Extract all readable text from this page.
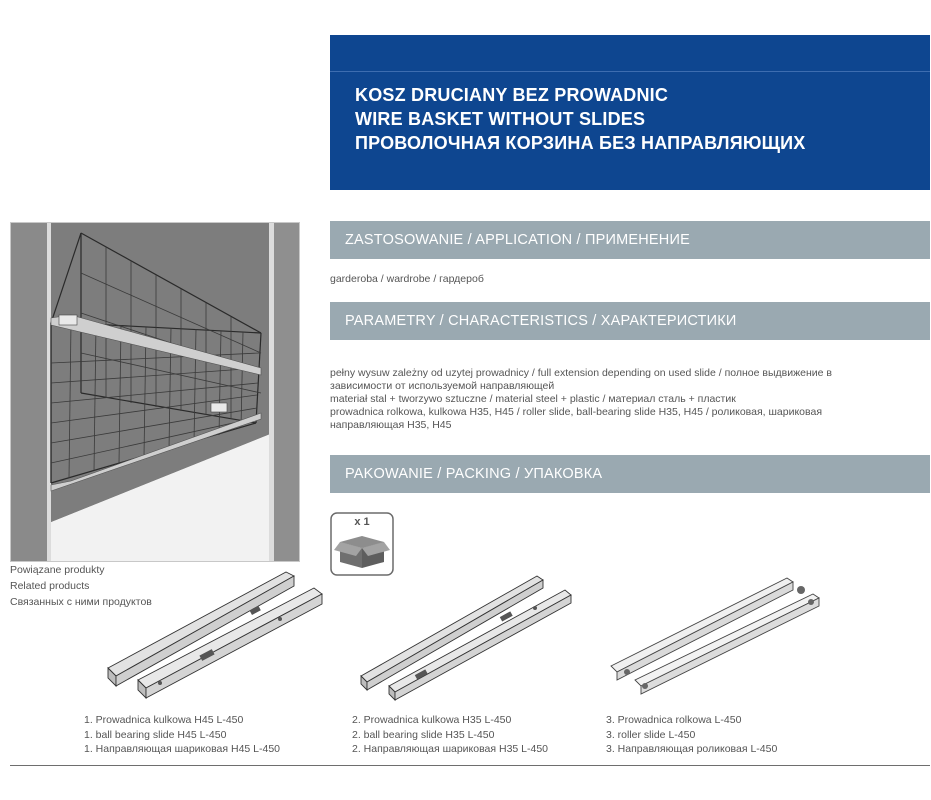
KOSZ DRUCIANY BEZ PROWADNIC
WIRE BASKET WITHOUT SLIDES
ПРОВОЛОЧНАЯ КОРЗИНА БЕЗ НАПРАВЛЯЮЩИХ
Powiązane produkty
Related products
Связанных с ними продуктов
ZASTOSOWANIE / APPLICATION / ПРИМЕНЕНИЕ
garderoba / wardrobe / гардероб
PARAMETRY / CHARACTERISTICS / ХАРАКТЕРИСТИКИ
pełny wysuw zależny od uzytej prowadnicy / full extension depending on used slide / полное выдвижение в
зависимости от используемой направляющей
materiał stal + tworzywo sztuczne / material steel + plastic / материал сталь + пластик
prowadnica rolkowa, kulkowa H35, H45 / roller slide, ball-bearing slide H35, H45 / роликовая, шариковая
направляющая H35, H45
PAKOWANIE / PACKING / УПАКОВКА
x 1
1. Prowadnica kulkowa H45 L-450
1. ball bearing slide H45 L-450
1. Направляющая шариковая H45 L-450
2. Prowadnica kulkowa H35 L-450
2. ball bearing slide H35 L-450
2. Направляющая шариковая H35 L-450
3. Prowadnica rolkowa L-450
3. roller slide L-450
3. Направляющая роликовая L-450
